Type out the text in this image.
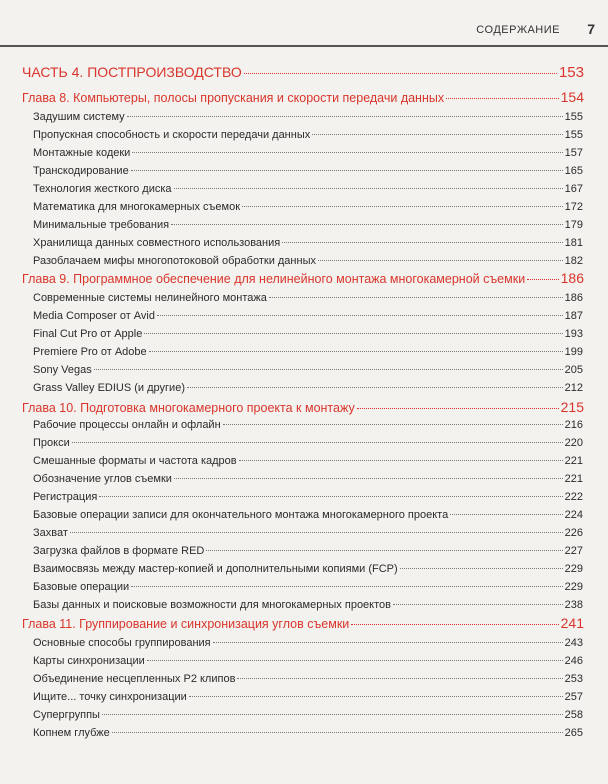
СОДЕРЖАНИЕ 7
ЧАСТЬ 4. ПОСТПРОИЗВОДСТВО	153
Глава 8. Компьютеры, полосы пропускания и скорости передачи данных	154
Задушим систему	155
Пропускная способность и скорости передачи данных	155
Монтажные кодеки	157
Транскодирование	165
Технология жесткого диска	167
Математика для многокамерных съемок	172
Минимальные требования	179
Хранилища данных совместного использования	181
Разоблачаем мифы многопотоковой обработки данных	182
Глава 9. Программное обеспечение для нелинейного монтажа многокамерной съемки	186
Современные системы нелинейного монтажа	186
Media Composer от Avid	187
Final Cut Pro от Apple	193
Premiere Pro от Adobe	199
Sony Vegas	205
Grass Valley EDIUS (и другие)	212
Глава 10. Подготовка многокамерного проекта к монтажу	215
Рабочие процессы онлайн и офлайн	216
Прокси	220
Смешанные форматы и частота кадров	221
Обозначение углов съемки	221
Регистрация	222
Базовые операции записи для окончательного монтажа многокамерного проекта	224
Захват	226
Загрузка файлов в формате RED	227
Взаимосвязь между мастер-копией и дополнительными копиями (FCP)	229
Базовые операции	229
Базы данных и поисковые возможности для многокамерных проектов	238
Глава 11. Группирование и синхронизация углов съемки	241
Основные способы группирования	243
Карты синхронизации	246
Объединение несцепленных P2 клипов	253
Ищите... точку синхронизации	257
Супергруппы	258
Копнем глубже	265
